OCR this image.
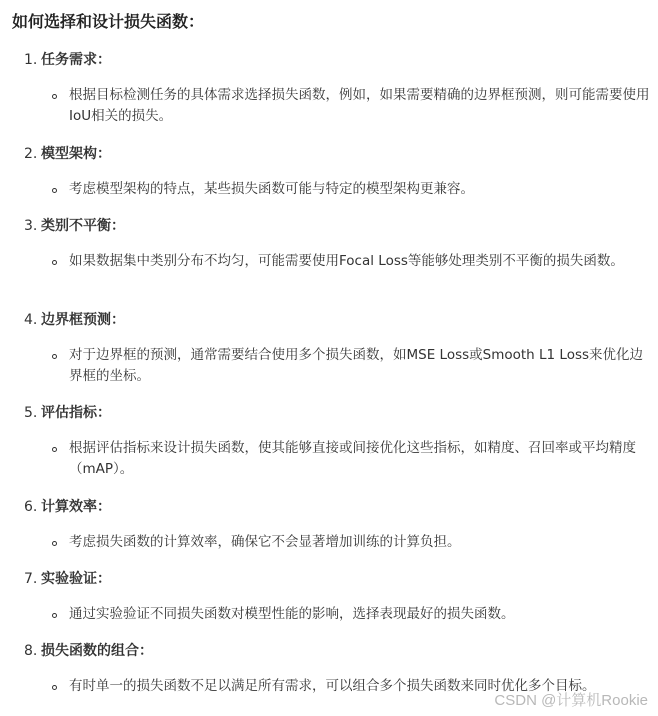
如何选择和设计损失函数：
1. 任务需求：
根据目标检测任务的具体需求选择损失函数，例如，如果需要精确的边界框预测，则可能需要使用IoU相关的损失。
2. 模型架构：
考虑模型架构的特点，某些损失函数可能与特定的模型架构更兼容。
3. 类别不平衡：
如果数据集中类别分布不均匀，可能需要使用Focal Loss等能够处理类别不平衡的损失函数。
4. 边界框预测：
对于边界框的预测，通常需要结合使用多个损失函数，如MSE Loss或Smooth L1 Loss来优化边界框的坐标。
5. 评估指标：
根据评估指标来设计损失函数，使其能够直接或间接优化这些指标，如精度、召回率或平均精度（mAP）。
6. 计算效率：
考虑损失函数的计算效率，确保它不会显著增加训练的计算负担。
7. 实验验证：
通过实验验证不同损失函数对模型性能的影响，选择表现最好的损失函数。
8. 损失函数的组合：
有时单一的损失函数不足以满足所有需求，可以组合多个损失函数来同时优化多个目标。
CSDN @计算机Rookie
